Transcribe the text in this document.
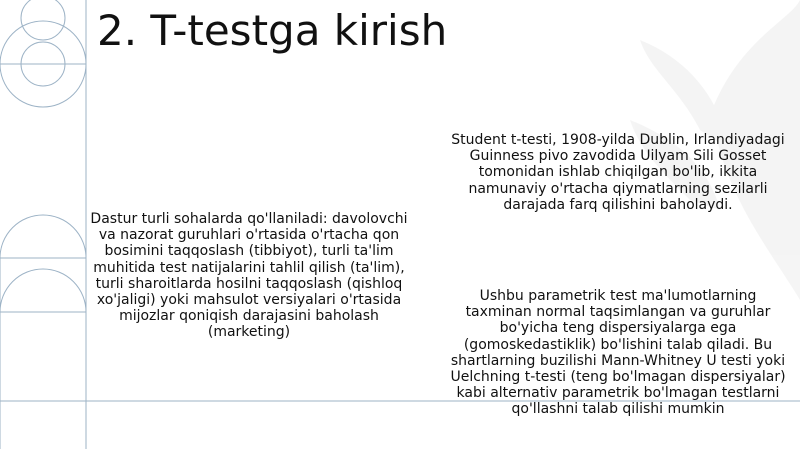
2. T-testga kirish
Student t-testi, 1908-yilda Dublin, Irlandiyadagi Guinness pivo zavodida Uilyam Sili Gosset tomonidan ishlab chiqilgan bo'lib, ikkita namunaviy o'rtacha qiymatlarning sezilarli darajada farq qilishini baholaydi.
Dastur turli sohalarda qo'llaniladi: davolovchi va nazorat guruhlari o'rtasida o'rtacha qon bosimini taqqoslash (tibbiyot), turli ta'lim muhitida test natijalarini tahlil qilish (ta'lim), turli sharoitlarda hosilni taqqoslash (qishloq xo'jaligi) yoki mahsulot versiyalari o'rtasida mijozlar qoniqish darajasini baholash (marketing)
Ushbu parametrik test ma'lumotlarning taxminan normal taqsimlangan va guruhlar bo'yicha teng dispersiyalarga ega (gomoskedastiklik) bo'lishini talab qiladi. Bu shartlarning buzilishi Mann-Whitney U testi yoki Uelchning t-testi (teng bo'lmagan dispersiyalar) kabi alternativ parametrik bo'lmagan testlarni qo'llashni talab qilishi mumkin
